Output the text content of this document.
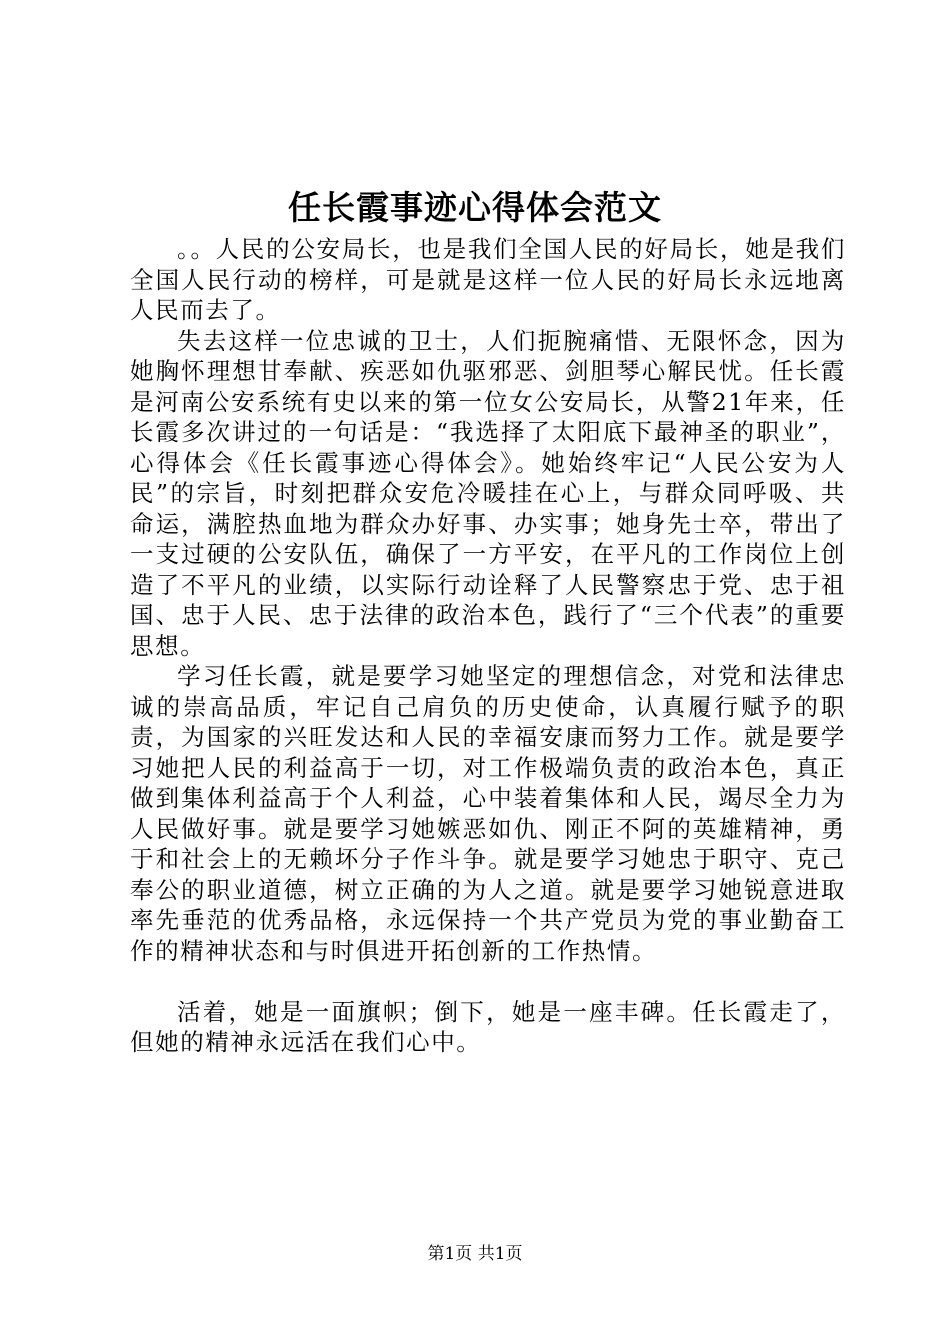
任长霞事迹心得体会范文

。。人民的公安局长，也是我们全国人民的好局长，她是我们全国人民行动的榜样，可是就是这样一位人民的好局长永远地离人民而去了。

失去这样一位忠诚的卫士，人们扼腕痛惜、无限怀念，因为她胸怀理想甘奉献、疾恶如仇驱邪恶、剑胆琴心解民忧。任长霞是河南公安系统有史以来的第一位女公安局长，从警21年来，任长霞多次讲过的一句话是：“我选择了太阳底下最神圣的职业”，心得体会《任长霞事迹心得体会》。她始终牢记“人民公安为人民”的宗旨，时刻把群众安危冷暖挂在心上，与群众同呼吸、共命运，满腔热血地为群众办好事、办实事；她身先士卒，带出了一支过硬的公安队伍，确保了一方平安，在平凡的工作岗位上创造了不平凡的业绩，以实际行动诠释了人民警察忠于党、忠于祖国、忠于人民、忠于法律的政治本色，践行了“三个代表”的重要思想。

学习任长霞，就是要学习她坚定的理想信念，对党和法律忠诚的崇高品质，牢记自己肩负的历史使命，认真履行赋予的职责，为国家的兴旺发达和人民的幸福安康而努力工作。就是要学习她把人民的利益高于一切，对工作极端负责的政治本色，真正做到集体利益高于个人利益，心中装着集体和人民，竭尽全力为人民做好事。就是要学习她嫉恶如仇、刚正不阿的英雄精神，勇于和社会上的无赖坏分子作斗争。就是要学习她忠于职守、克己奉公的职业道德，树立正确的为人之道。就是要学习她锐意进取率先垂范的优秀品格，永远保持一个共产党员为党的事业勤奋工作的精神状态和与时俱进开拓创新的工作热情。

活着，她是一面旗帜；倒下，她是一座丰碑。任长霞走了，但她的精神永远活在我们心中。

第1页 共1页
